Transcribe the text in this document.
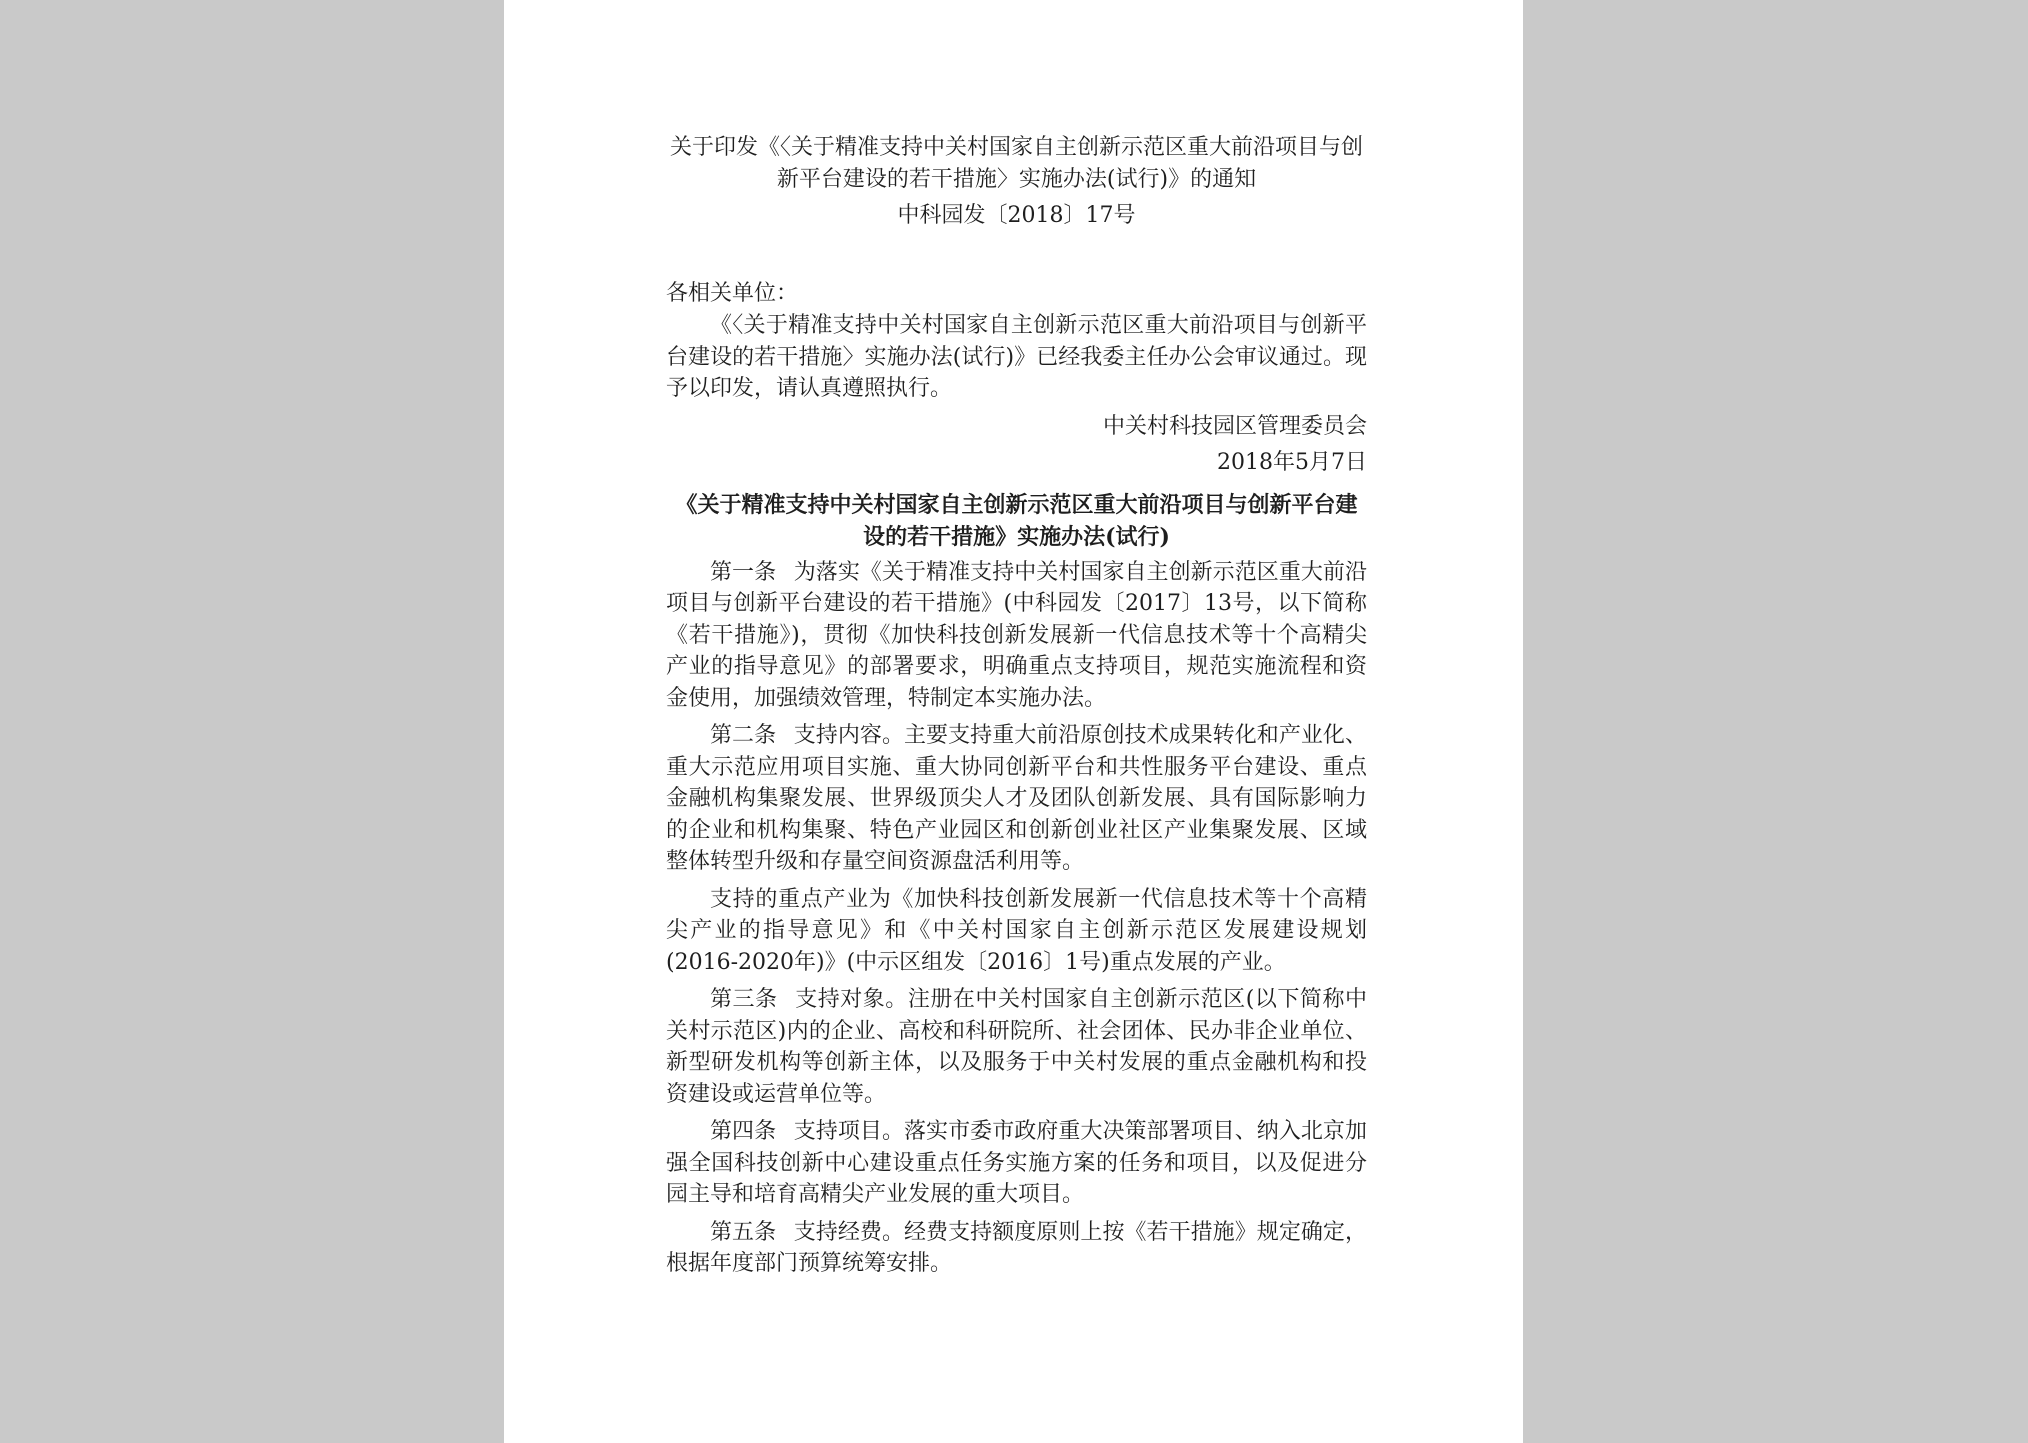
关于印发《〈关于精准支持中关村国家自主创新示范区重大前沿项目与创新平台建设的若干措施〉实施办法(试行)》的通知
中科园发〔2018〕17号
各相关单位：

《〈关于精准支持中关村国家自主创新示范区重大前沿项目与创新平台建设的若干措施〉实施办法(试行)》已经我委主任办公会审议通过。现予以印发，请认真遵照执行。

中关村科技园区管理委员会
2018年5月7日
《关于精准支持中关村国家自主创新示范区重大前沿项目与创新平台建设的若干措施》实施办法(试行)

第一条 为落实《关于精准支持中关村国家自主创新示范区重大前沿项目与创新平台建设的若干措施》(中科园发〔2017〕13号，以下简称《若干措施》)，贯彻《加快科技创新发展新一代信息技术等十个高精尖产业的指导意见》的部署要求，明确重点支持项目，规范实施流程和资金使用，加强绩效管理，特制定本实施办法。

第二条 支持内容。主要支持重大前沿原创技术成果转化和产业化、重大示范应用项目实施、重大协同创新平台和共性服务平台建设、重点金融机构集聚发展、世界级顶尖人才及团队创新发展、具有国际影响力的企业和机构集聚、特色产业园区和创新创业社区产业集聚发展、区域整体转型升级和存量空间资源盘活利用等。

支持的重点产业为《加快科技创新发展新一代信息技术等十个高精尖产业的指导意见》和《中关村国家自主创新示范区发展建设规划(2016-2020年)》(中示区组发〔2016〕1号)重点发展的产业。

第三条 支持对象。注册在中关村国家自主创新示范区(以下简称中关村示范区)内的企业、高校和科研院所、社会团体、民办非企业单位、新型研发机构等创新主体，以及服务于中关村发展的重点金融机构和投资建设或运营单位等。

第四条 支持项目。落实市委市政府重大决策部署项目、纳入北京加强全国科技创新中心建设重点任务实施方案的任务和项目，以及促进分园主导和培育高精尖产业发展的重大项目。

第五条 支持经费。经费支持额度原则上按《若干措施》规定确定，根据年度部门预算统筹安排。
